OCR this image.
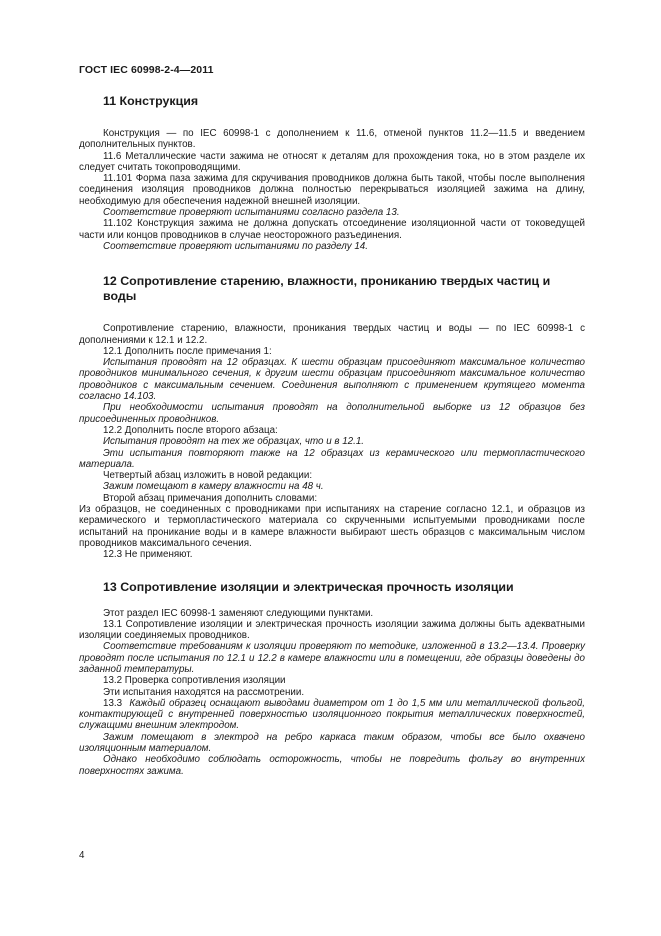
ГОСТ IEC 60998-2-4—2011
11 Конструкция

Конструкция — по IEC 60998-1 с дополнением к 11.6, отменой пунктов 11.2—11.5 и введением дополнительных пунктов.

11.6 Металлические части зажима не относят к деталям для прохождения тока, но в этом разделе их следует считать токопроводящими.

11.101 Форма паза зажима для скручивания проводников должна быть такой, чтобы после выполнения соединения изоляция проводников должна полностью перекрываться изоляцией зажима на длину, необходимую для обеспечения надежной внешней изоляции.

Соответствие проверяют испытаниями согласно раздела 13.

11.102 Конструкция зажима не должна допускать отсоединение изоляционной части от токоведущей части или концов проводников в случае неосторожного разъединения.

Соответствие проверяют испытаниями по разделу 14.

12 Сопротивление старению, влажности, прониканию твердых частиц и воды

Сопротивление старению, влажности, проникания твердых частиц и воды — по IEC 60998-1 с дополнениями к 12.1 и 12.2.

12.1 Дополнить после примечания 1:

Испытания проводят на 12 образцах. К шести образцам присоединяют максимальное количество проводников минимального сечения, к другим шести образцам присоединяют максимальное количество проводников с максимальным сечением. Соединения выполняют с применением крутящего момента согласно 14.103.

При необходимости испытания проводят на дополнительной выборке из 12 образцов без присоединенных проводников.

12.2 Дополнить после второго абзаца:

Испытания проводят на тех же образцах, что и в 12.1.

Эти испытания повторяют также на 12 образцах из керамического или термопластического материала.

Четвертый абзац изложить в новой редакции:

Зажим помещают в камеру влажности на 48 ч.

Второй абзац примечания дополнить словами:

Из образцов, не соединенных с проводниками при испытаниях на старение согласно 12.1, и образцов из керамического и термопластического материала со скрученными испытуемыми проводниками после испытаний на проникание воды и в камере влажности выбирают шесть образцов с максимальным числом проводников максимального сечения.

12.3 Не применяют.

13 Сопротивление изоляции и электрическая прочность изоляции

Этот раздел IEC 60998-1 заменяют следующими пунктами.

13.1 Сопротивление изоляции и электрическая прочность изоляции зажима должны быть адекватными изоляции соединяемых проводников.

Соответствие требованиям к изоляции проверяют по методике, изложенной в 13.2—13.4. Проверку проводят после испытания по 12.1 и 12.2 в камере влажности или в помещении, где образцы доведены до заданной температуры.

13.2 Проверка сопротивления изоляции

Эти испытания находятся на рассмотрении.

13.3  Каждый образец оснащают выводами диаметром от 1 до 1,5 мм или металлической фольгой, контактирующей с внутренней поверхностью изоляционного покрытия металлических поверхностей, служащими внешним электродом.

Зажим помещают в электрод на ребро каркаса таким образом, чтобы все было охвачено изоляционным материалом.

Однако необходимо соблюдать осторожность, чтобы не повредить фольгу во внутренних поверхностях зажима.

4
